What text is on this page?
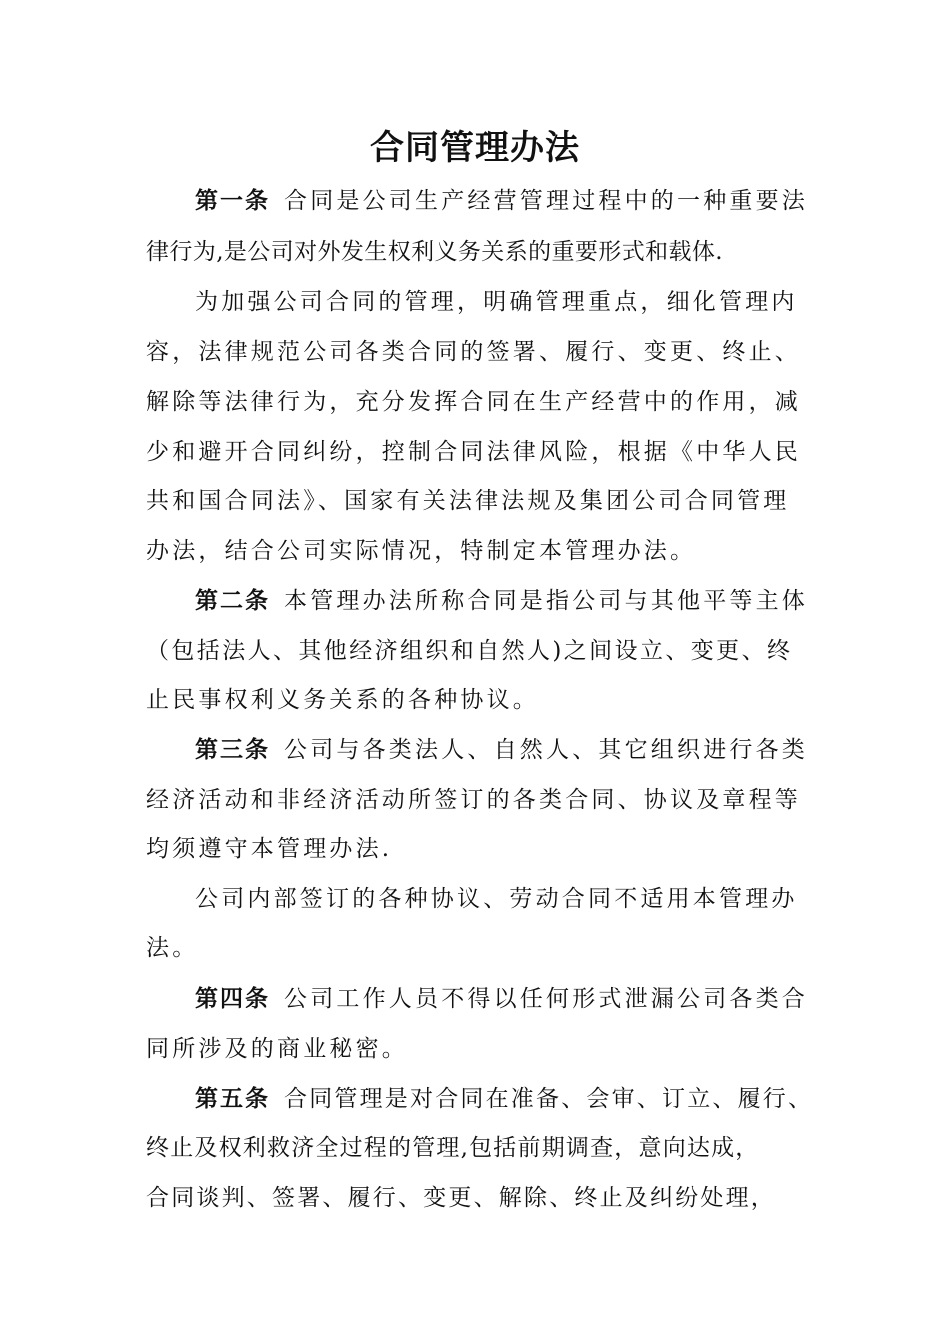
合同管理办法
第一条 合同是公司生产经营管理过程中的一种重要法
律行为,是公司对外发生权利义务关系的重要形式和载体.
为加强公司合同的管理，明确管理重点，细化管理内
容，法律规范公司各类合同的签署、履行、变更、终止、
解除等法律行为，充分发挥合同在生产经营中的作用，减
少和避开合同纠纷，控制合同法律风险，根据《中华人民
共和国合同法》、国家有关法律法规及集团公司合同管理
办法，结合公司实际情况，特制定本管理办法。
第二条 本管理办法所称合同是指公司与其他平等主体
（包括法人、其他经济组织和自然人)之间设立、变更、终
止民事权利义务关系的各种协议。
第三条 公司与各类法人、自然人、其它组织进行各类
经济活动和非经济活动所签订的各类合同、协议及章程等
均须遵守本管理办法.
公司内部签订的各种协议、劳动合同不适用本管理办
法。
第四条 公司工作人员不得以任何形式泄漏公司各类合
同所涉及的商业秘密。
第五条 合同管理是对合同在准备、会审、订立、履行、
终止及权利救济全过程的管理,包括前期调查，意向达成，
合同谈判、签署、履行、变更、解除、终止及纠纷处理，
